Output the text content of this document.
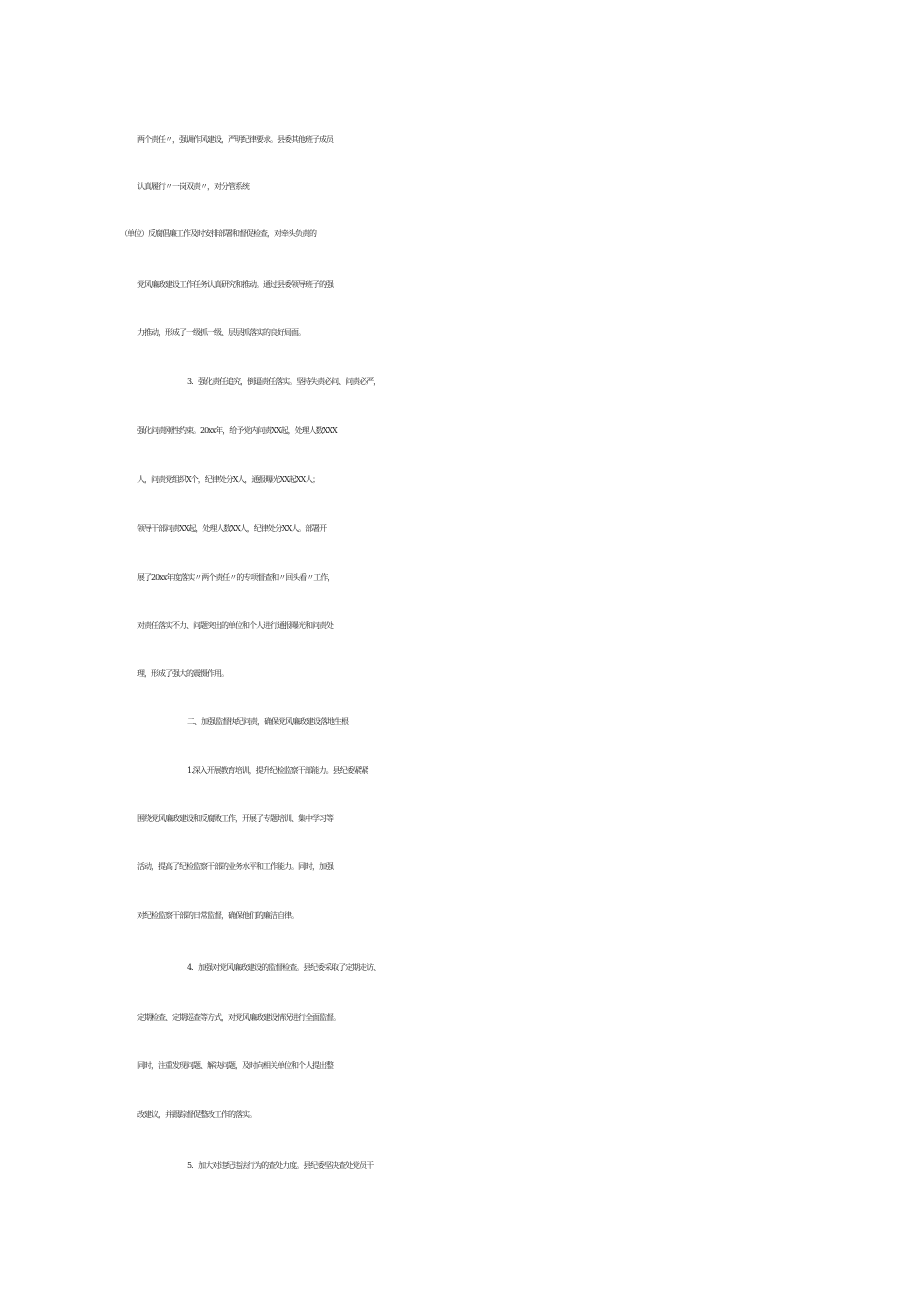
两个责任〃，强调作风建设，严明纪律要求。县委其他班子成员
认真履行〃一岗双责〃，对分管系统
（单位）反腐倡廉工作及时安排部署和督促检查，对牵头负责的
党风廉政建设工作任务认真研究和推动。通过县委领导班子的强
力推动，形成了一级抓一级、层层抓落实的良好局面。
3．强化责任追究，倒逼责任落实。坚持失责必问、问责必严，
强化问责刚性约束。20xx年，给予党内问责XX起，处理人数XXX
人，问责党组织X个，纪律处分X人，通报曝光XX起XX人；
领导干部问责XX起，处理人数XX人，纪律处分XX人。部署开
展了20xx年度落实〃两个责任〃的专项督查和〃回头看〃工作，
对责任落实不力、问题突出的单位和个人进行通报曝光和问责处
理，形成了强大的震慑作用。
二、加强监督执纪问责，确保党风廉政建设落地生根
1.深入开展教育培训，提升纪检监察干部能力。县纪委紧紧
围绕党风廉政建设和反腐败工作，开展了专题培训、集中学习等
活动，提高了纪检监察干部的业务水平和工作能力。同时，加强
对纪检监察干部的日常监督，确保他们的廉洁自律。
4．加强对党风廉政建设的监督检查。县纪委采取了定期走访、
定期检查、定期巡查等方式，对党风廉政建设情况进行全面监督。
同时，注重发现问题、解决问题，及时向相关单位和个人提出整
改建议，并跟踪督促整改工作的落实。
5．加大对违纪违法行为的查处力度。县纪委坚决查处党员干
